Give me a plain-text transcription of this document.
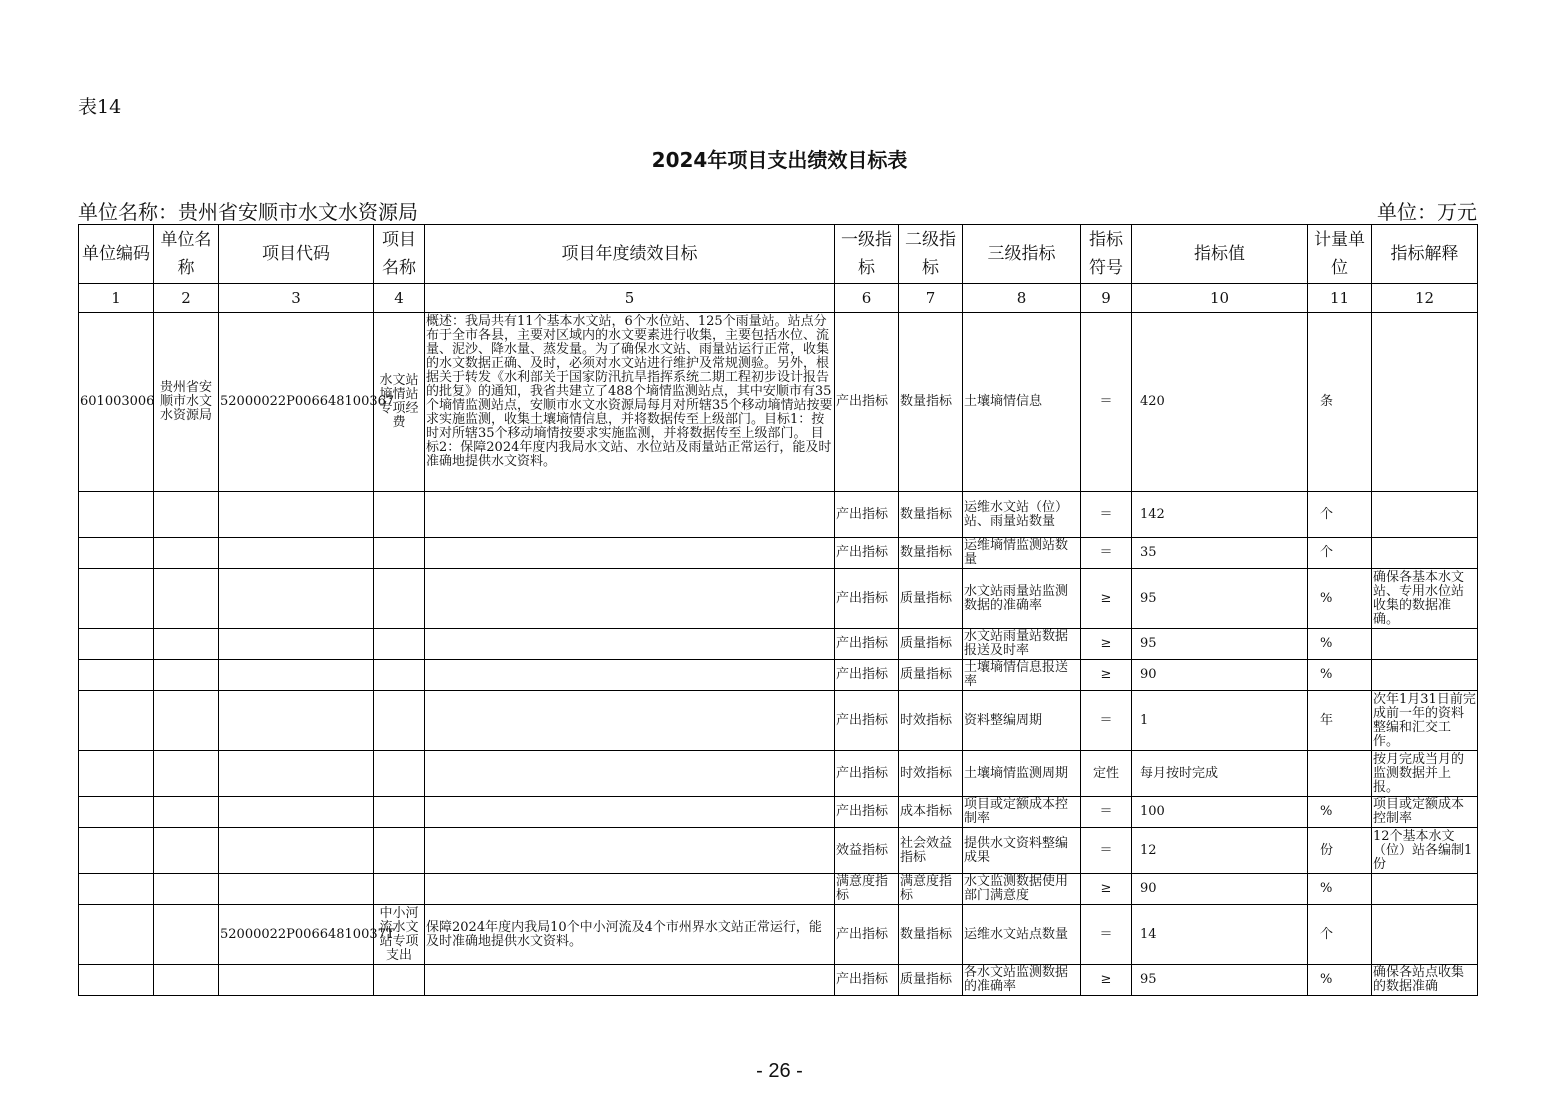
表14
2024年项目支出绩效目标表
单位名称：贵州省安顺市水文水资源局	单位：万元
单位编码	单位名称	项目代码	项目名称	项目年度绩效目标	一级指标	二级指标	三级指标	指标符号	指标值	计量单位	指标解释
1	2	3	4	5	6	7	8	9	10	11	12
601003006	贵州省安顺市水文水资源局	52000022P006648100367	水文站墒情站专项经费	概述：我局共有11个基本水文站，6个水位站、125个雨量站。站点分布于全市各县，主要对区域内的水文要素进行收集，主要包括水位、流量、泥沙、降水量、蒸发量。为了确保水文站、雨量站运行正常，收集的水文数据正确、及时，必须对水文站进行维护及常规测验。另外，根据关于转发《水利部关于国家防汛抗旱指挥系统二期工程初步设计报告的批复》的通知，我省共建立了488个墒情监测站点，其中安顺市有35个墒情监测站点，安顺市水文水资源局每月对所辖35个移动墒情站按要求实施监测，收集土壤墒情信息，并将数据传至上级部门。目标1：按时对所辖35个移动墒情按要求实施监测，并将数据传至上级部门。 目标2：保障2024年度内我局水文站、水位站及雨量站正常运行，能及时准确地提供水文资料。	产出指标	数量指标	土壤墒情信息	＝	420	条	
					产出指标	数量指标	运维水文站（位）站、雨量站数量	＝	142	个	
					产出指标	数量指标	运维墒情监测站数量	＝	35	个	
					产出指标	质量指标	水文站雨量站监测数据的准确率	≥	95	%	确保各基本水文站、专用水位站收集的数据准确。
					产出指标	质量指标	水文站雨量站数据报送及时率	≥	95	%	
					产出指标	质量指标	土壤墒情信息报送率	≥	90	%	
					产出指标	时效指标	资料整编周期	＝	1	年	次年1月31日前完成前一年的资料整编和汇交工作。
					产出指标	时效指标	土壤墒情监测周期	定性	每月按时完成		按月完成当月的监测数据并上报。
					产出指标	成本指标	项目或定额成本控制率	＝	100	%	项目或定额成本控制率
					效益指标	社会效益指标	提供水文资料整编成果	＝	12	份	12个基本水文（位）站各编制1份
					满意度指标	满意度指标	水文监测数据使用部门满意度	≥	90	%	
		52000022P00664810037T	中小河流水文站专项支出	保障2024年度内我局10个中小河流及4个市州界水文站正常运行，能及时准确地提供水文资料。	产出指标	数量指标	运维水文站点数量	＝	14	个	
					产出指标	质量指标	各水文站监测数据的准确率	≥	95	%	确保各站点收集的数据准确
- 26 -
